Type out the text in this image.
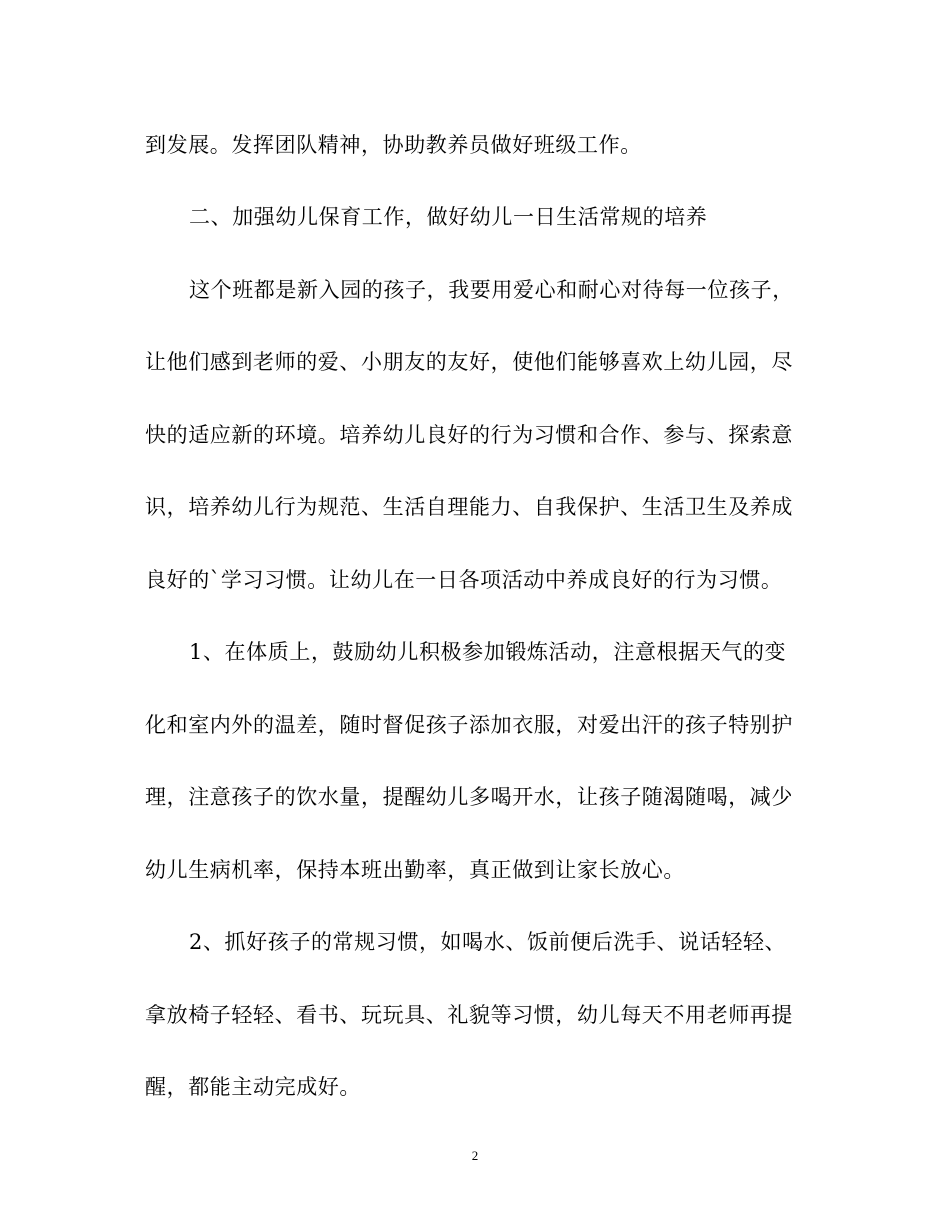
到发展。发挥团队精神，协助教养员做好班级工作。
二、加强幼儿保育工作，做好幼儿一日生活常规的培养
这个班都是新入园的孩子，我要用爱心和耐心对待每一位孩子，
让他们感到老师的爱、小朋友的友好，使他们能够喜欢上幼儿园，尽
快的适应新的环境。培养幼儿良好的行为习惯和合作、参与、探索意
识，培养幼儿行为规范、生活自理能力、自我保护、生活卫生及养成
良好的`学习习惯。让幼儿在一日各项活动中养成良好的行为习惯。
1、在体质上，鼓励幼儿积极参加锻炼活动，注意根据天气的变
化和室内外的温差，随时督促孩子添加衣服，对爱出汗的孩子特别护
理，注意孩子的饮水量，提醒幼儿多喝开水，让孩子随渴随喝，减少
幼儿生病机率，保持本班出勤率，真正做到让家长放心。
2、抓好孩子的常规习惯，如喝水、饭前便后洗手、说话轻轻、
拿放椅子轻轻、看书、玩玩具、礼貌等习惯，幼儿每天不用老师再提
醒，都能主动完成好。
2
